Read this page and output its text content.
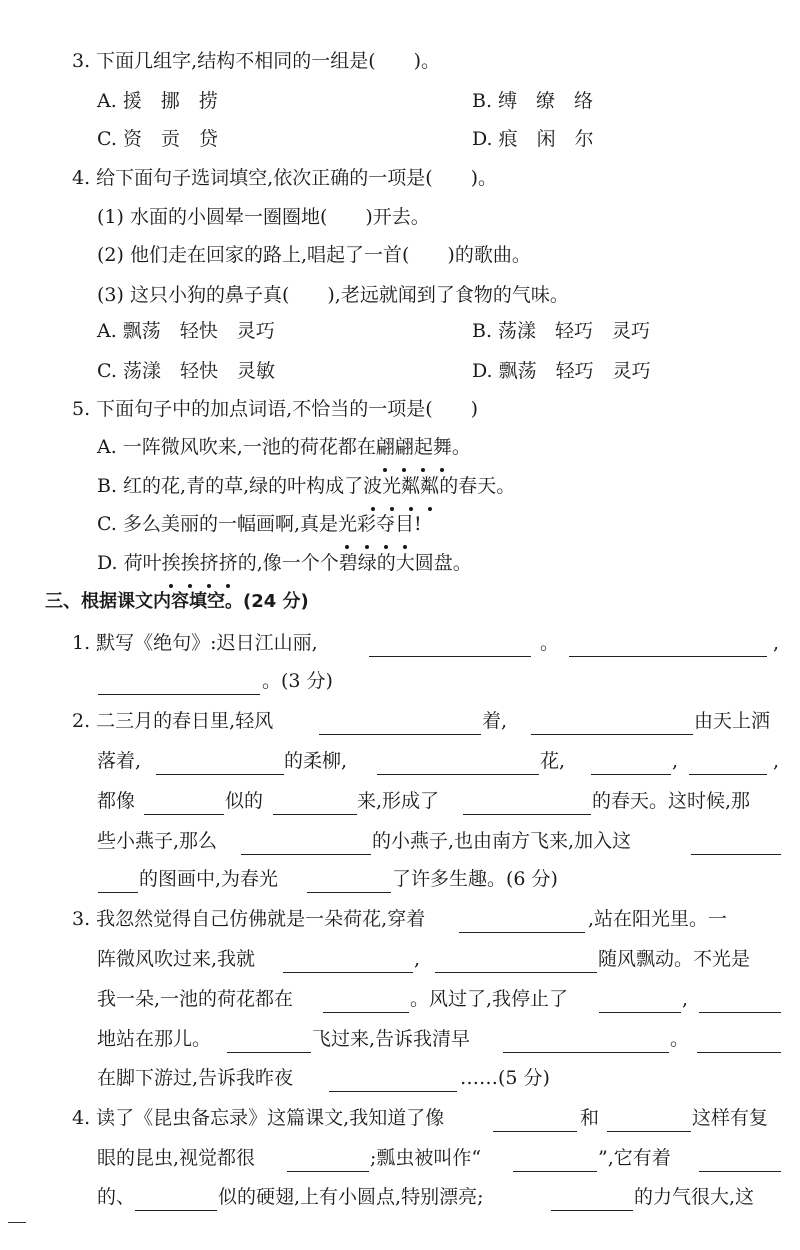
3. 下面几组字,结构不相同的一组是(　　)。
A. 援　挪　捞	B. 缚　缭　络
C. 资　贡　贷	D. 痕　闲　尔
4. 给下面句子选词填空,依次正确的一项是(　　)。
(1) 水面的小圆晕一圈圈地(　　)开去。
(2) 他们走在回家的路上,唱起了一首(　　)的歌曲。
(3) 这只小狗的鼻子真(　　),老远就闻到了食物的气味。
A. 飘荡　轻快　灵巧	B. 荡漾　轻巧　灵巧
C. 荡漾　轻快　灵敏	D. 飘荡　轻巧　灵巧
5. 下面句子中的加点词语,不恰当的一项是(　　)
A. 一阵微风吹来,一池的荷花都在翩翩起舞。
B. 红的花,青的草,绿的叶构成了波光粼粼的春天。
C. 多么美丽的一幅画啊,真是光彩夺目!
D. 荷叶挨挨挤挤的,像一个个碧绿的大圆盘。
三、根据课文内容填空。(24 分)
1. 默写《绝句》:迟日江山丽,	。	,
。(3 分)
2. 二三月的春日里,轻风	着,	由天上洒
落着,	的柔柳,	花,	,	,
都像	似的	来,形成了	的春天。这时候,那
些小燕子,那么	的小燕子,也由南方飞来,加入这
的图画中,为春光	了许多生趣。(6 分)
3. 我忽然觉得自己仿佛就是一朵荷花,穿着	,站在阳光里。一
阵微风吹过来,我就	,	随风飘动。不光是
我一朵,一池的荷花都在	。风过了,我停止了	,
地站在那儿。	飞过来,告诉我清早	。
在脚下游过,告诉我昨夜	……(5 分)
4. 读了《昆虫备忘录》这篇课文,我知道了像	和	这样有复
眼的昆虫,视觉都很	;瓢虫被叫作“	”,它有着
的、	似的硬翅,上有小圆点,特别漂亮;	的力气很大,这
